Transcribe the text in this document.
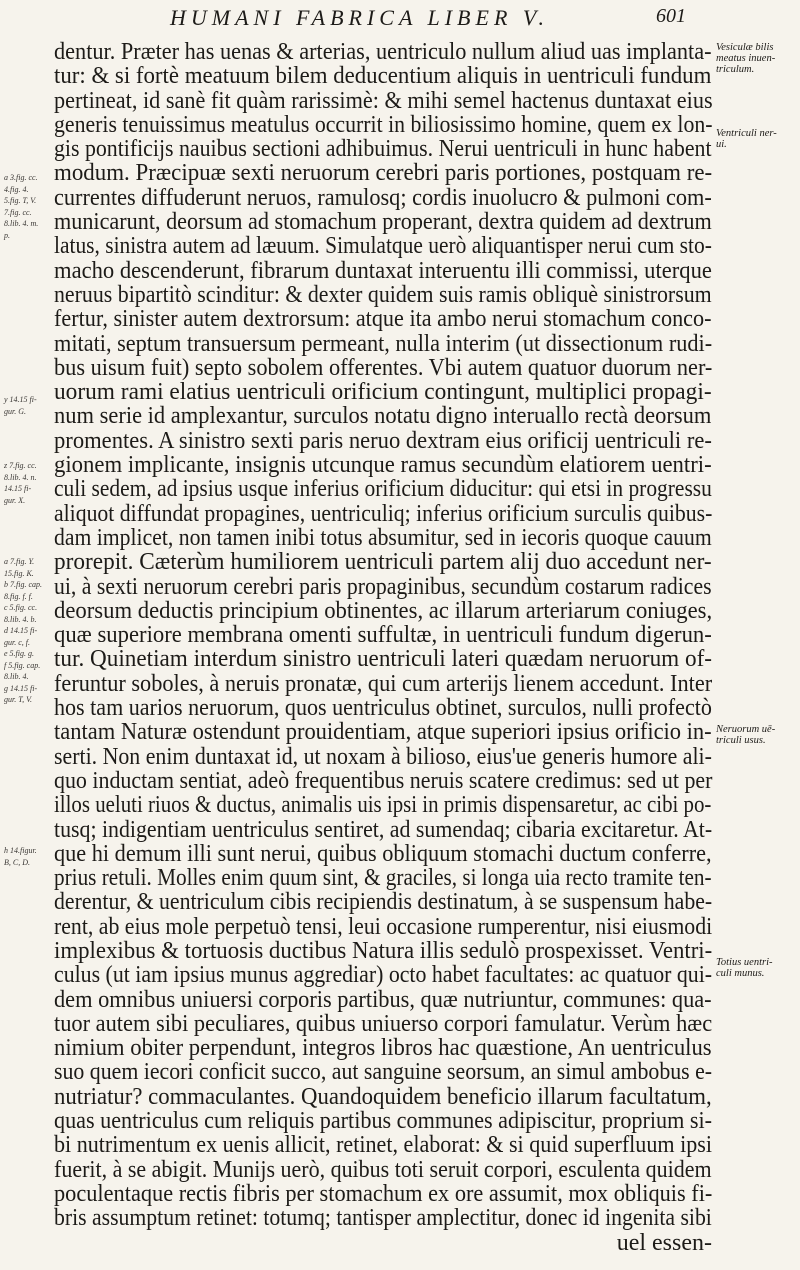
HUMANI FABRICA LIBER V.	601
dentur. Præter has uenas & arterias, uentriculo nullum aliud uas implanta-
tur: & si fortè meatuum bilem deducentium aliquis in uentriculi fundum
pertineat, id sanè fit quàm rarissimè: & mihi semel hactenus duntaxat eius
generis tenuissimus meatulus occurrit in biliosissimo homine, quem ex lon-
gis pontificijs nauibus sectioni adhibuimus. Nerui uentriculi in hunc habent
modum. Præcipuæ sexti neruorum cerebri paris portiones, postquam re-
currentes diffuderunt neruos, ramulosq; cordis inuolucro & pulmoni com-
municarunt, deorsum ad stomachum properant, dextra quidem ad dextrum
latus, sinistra autem ad læuum. Simulatque uerò aliquantisper nerui cum sto-
macho descenderunt, fibrarum duntaxat interuentu illi commissi, uterque
neruus bipartitò scinditur: & dexter quidem suis ramis obliquè sinistrorsum
fertur, sinister autem dextrorsum: atque ita ambo nerui stomachum conco-
mitati, septum transuersum permeant, nulla interim (ut dissectionum rudi-
bus uisum fuit) septo sobolem offerentes. Vbi autem quatuor duorum ner-
uorum rami elatius uentriculi orificium contingunt, multiplici propagi-
num serie id amplexantur, surculos notatu digno interuallo rectà deorsum
promentes. A sinistro sexti paris neruo dextram eius orificij uentriculi re-
gionem implicante, insignis utcunque ramus secundùm elatiorem uentri-
culi sedem, ad ipsius usque inferius orificium diducitur: qui etsi in progressu
aliquot diffundat propagines, uentriculiq; inferius orificium surculis quibus-
dam implicet, non tamen inibi totus absumitur, sed in iecoris quoque cauum
prorepit. Cæterùm humiliorem uentriculi partem alij duo accedunt ner-
ui, à sexti neruorum cerebri paris propaginibus, secundùm costarum radices
deorsum deductis principium obtinentes, ac illarum arteriarum coniuges,
quæ superiore membrana omenti suffultæ, in uentriculi fundum digerun-
tur. Quinetiam interdum sinistro uentriculi lateri quædam neruorum of-
feruntur soboles, à neruis pronatæ, qui cum arterijs lienem accedunt. Inter
hos tam uarios neruorum, quos uentriculus obtinet, surculos, nulli profectò
tantam Naturæ ostendunt prouidentiam, atque superiori ipsius orificio in-
serti. Non enim duntaxat id, ut noxam à bilioso, eius'ue generis humore ali-
quo inductam sentiat, adeò frequentibus neruis scatere credimus: sed ut per
illos ueluti riuos & ductus, animalis uis ipsi in primis dispensaretur, ac cibi po-
tusq; indigentiam uentriculus sentiret, ad sumendaq; cibaria excitaretur. At-
que hi demum illi sunt nerui, quibus obliquum stomachi ductum conferre,
prius retuli. Molles enim quum sint, & graciles, si longa uia recto tramite ten-
derentur, & uentriculum cibis recipiendis destinatum, à se suspensum habe-
rent, ab eius mole perpetuò tensi, leui occasione rumperentur, nisi eiusmodi
implexibus & tortuosis ductibus Natura illis sedulò prospexisset. Ventri-
culus (ut iam ipsius munus aggrediar) octo habet facultates: ac quatuor qui-
dem omnibus uniuersi corporis partibus, quæ nutriuntur, communes: qua-
tuor autem sibi peculiares, quibus uniuerso corpori famulatur. Verùm hæc
nimium obiter perpendunt, integros libros hac quæstione, An uentriculus
suo quem iecori conficit succo, aut sanguine seorsum, an simul ambobus e-
nutriatur? commaculantes. Quandoquidem beneficio illarum facultatum,
quas uentriculus cum reliquis partibus communes adipiscitur, proprium si-
bi nutrimentum ex uenis allicit, retinet, elaborat: & si quid superfluum ipsi
fuerit, à se abigit. Munijs uerò, quibus toti seruit corpori, esculenta quidem
poculentaque rectis fibris per stomachum ex ore assumit, mox obliquis fi-
bris assumptum retinet: totumq; tantisper amplectitur, donec id ingenita sibi
uel essen-
Vesiculæ bilis
meatus inuen-
triculum.
Ventriculi ner-
ui.
Neruorum uē-
triculi usus.
Totius uentri-
culi munus.
a 3.fig. cc.
4.fig. 4.
5.fig. T, V.
7.fig. cc.
8.lib. 4. m.
p.
y 14.15 fi-
gur. G.
z 7.fig. cc.
8.lib. 4. n.
14.15 fi-
gur. X.
a 7.fig. Y.
15.fig. K.
b 7.fig. cap.
8.fig. f. f.
c 5.fig. cc.
8.lib. 4. b.
d 14.15 fi-
gur. c, f.
e 5.fig. g.
f 5.fig. cap.
8.lib. 4.
g 14.15 fi-
gur. T, V.
h 14.figur.
B, C, D.
